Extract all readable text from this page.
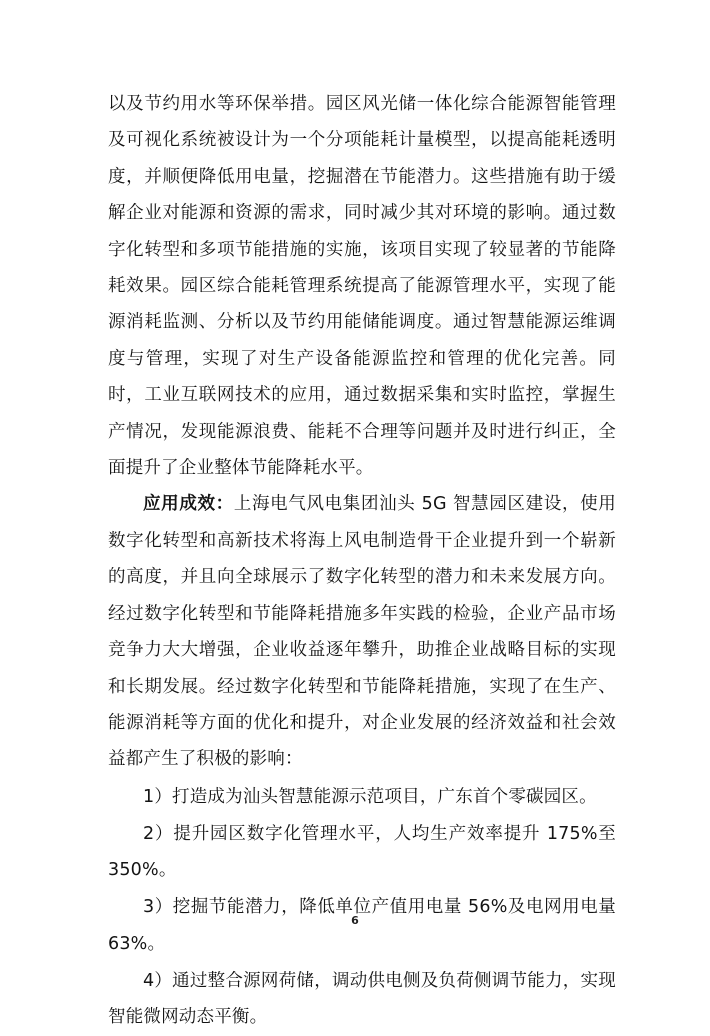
以及节约用水等环保举措。园区风光储一体化综合能源智能管理及可视化系统被设计为一个分项能耗计量模型，以提高能耗透明度，并顺便降低用电量，挖掘潜在节能潜力。这些措施有助于缓解企业对能源和资源的需求，同时减少其对环境的影响。通过数字化转型和多项节能措施的实施，该项目实现了较显著的节能降耗效果。园区综合能耗管理系统提高了能源管理水平，实现了能源消耗监测、分析以及节约用能储能调度。通过智慧能源运维调度与管理，实现了对生产设备能源监控和管理的优化完善。同时，工业互联网技术的应用，通过数据采集和实时监控，掌握生产情况，发现能源浪费、能耗不合理等问题并及时进行纠正，全面提升了企业整体节能降耗水平。

应用成效：上海电气风电集团汕头 5G 智慧园区建设，使用数字化转型和高新技术将海上风电制造骨干企业提升到一个崭新的高度，并且向全球展示了数字化转型的潜力和未来发展方向。经过数字化转型和节能降耗措施多年实践的检验，企业产品市场竞争力大大增强，企业收益逐年攀升，助推企业战略目标的实现和长期发展。经过数字化转型和节能降耗措施，实现了在生产、能源消耗等方面的优化和提升，对企业发展的经济效益和社会效益都产生了积极的影响：

1）打造成为汕头智慧能源示范项目，广东首个零碳园区。

2）提升园区数字化管理水平，人均生产效率提升 175%至 350%。

3）挖掘节能潜力，降低单位产值用电量 56%及电网用电量 63%。

4）通过整合源网荷储，调动供电侧及负荷侧调节能力，实现智能微网动态平衡。

6
